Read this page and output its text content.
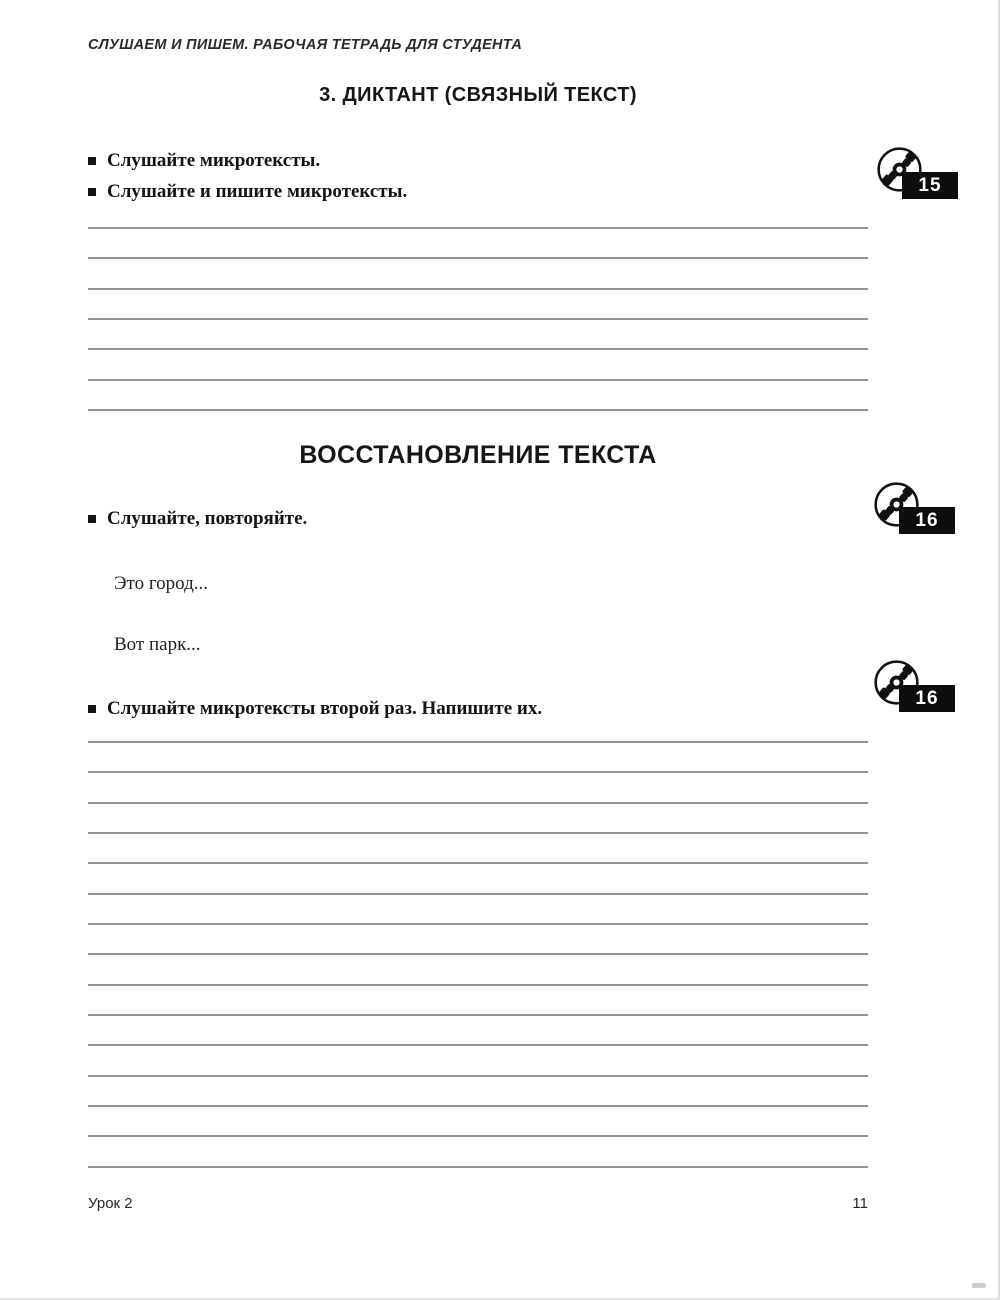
СЛУШАЕМ И ПИШЕМ. РАБОЧАЯ ТЕТРАДЬ ДЛЯ СТУДЕНТА
3. ДИКТАНТ (СВЯЗНЫЙ ТЕКСТ)
Слушайте микротексты.
Слушайте и пишите микротексты.	15
ВОССТАНОВЛЕНИЕ ТЕКСТА
16
Слушайте, повторяйте.
Это город...
Вот парк...
16
Слушайте микротексты второй раз. Напишите их.
Урок 2	11
